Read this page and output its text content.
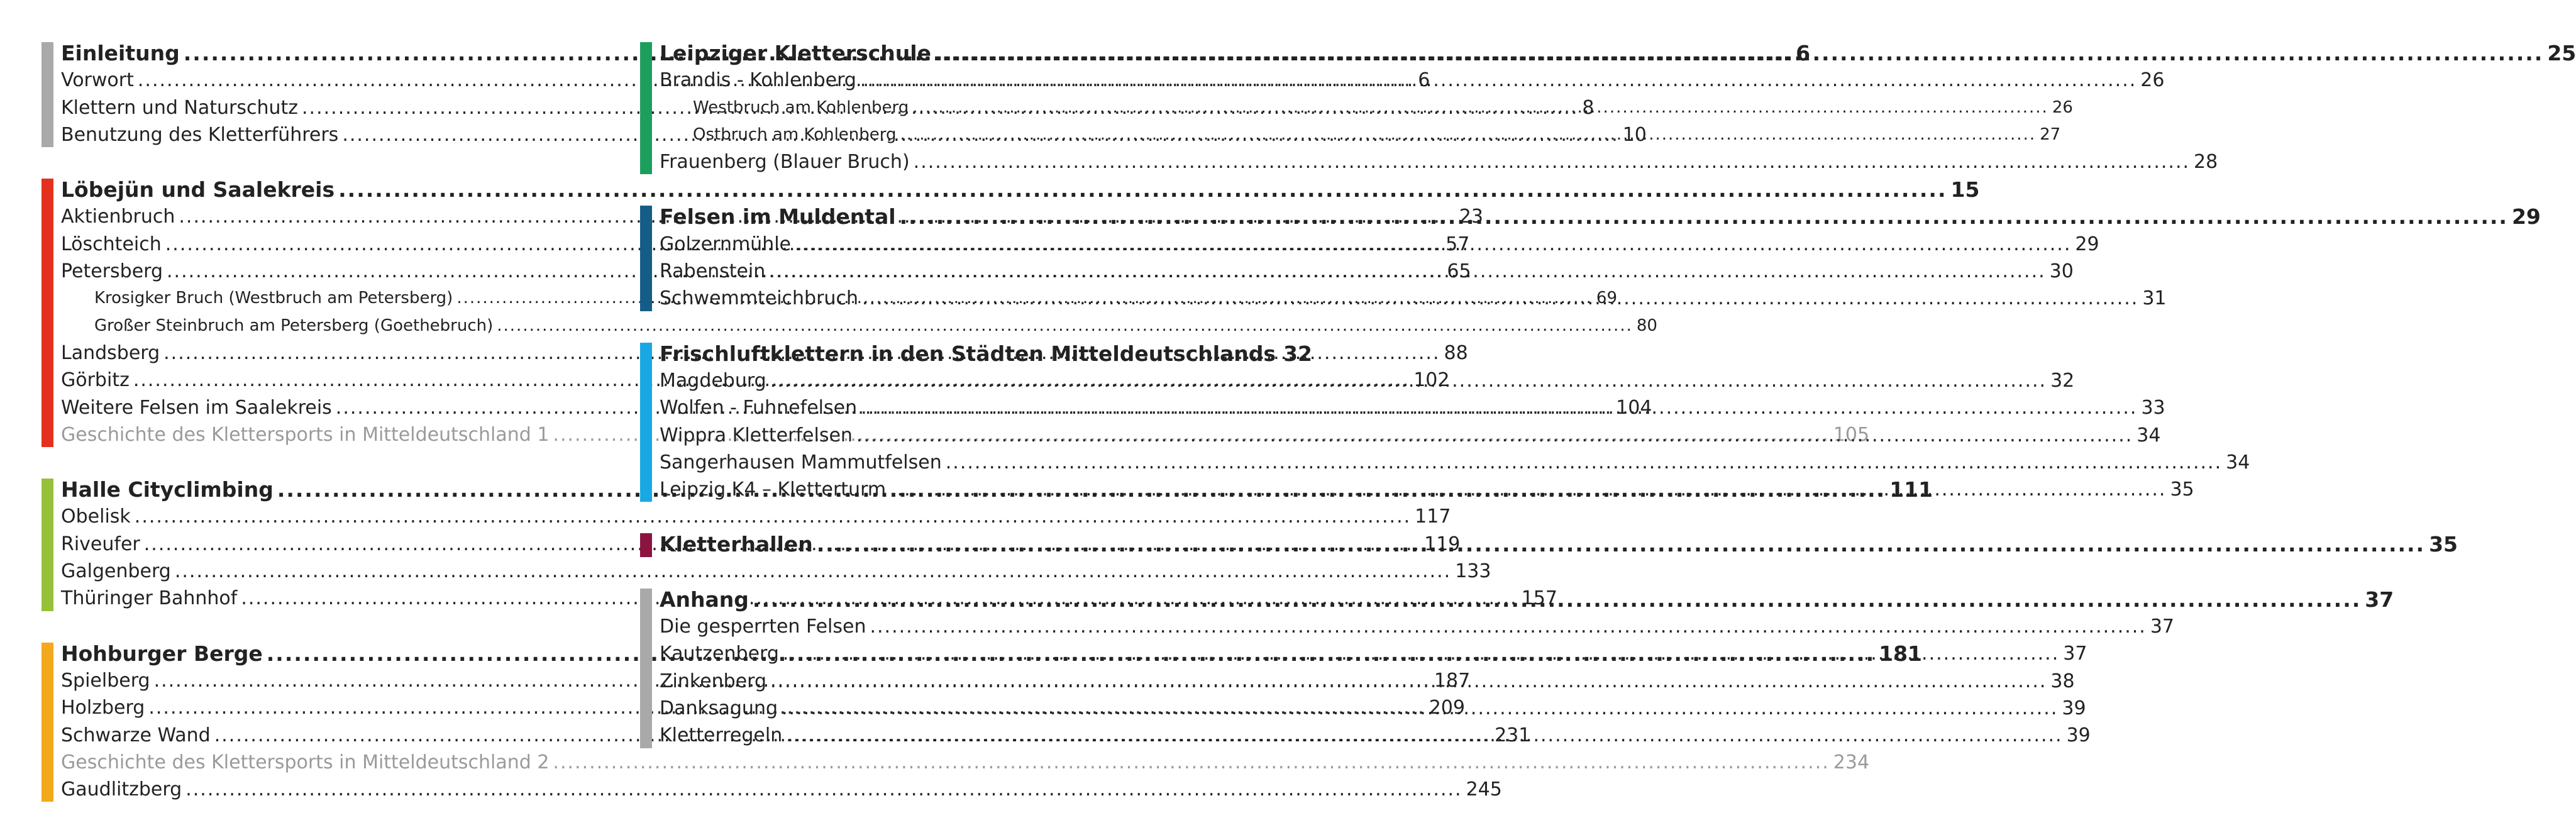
Einleitung .....	6
Vorwort .....	6
Klettern und Naturschutz .....	8
Benutzung des Kletterführers .....	10
Löbejün und Saalekreis .....	15
Aktienbruch .....	23
Löschteich .....	57
Petersberg .....	65
Krosigker Bruch (Westbruch am Petersberg) .....	69
Großer Steinbruch am Petersberg (Goethebruch) .....	80
Landsberg .....	88
Görbitz .....	102
Weitere Felsen im Saalekreis .....	104
Geschichte des Klettersports in Mitteldeutschland 1 .....	105
Halle Cityclimbing .....	111
Obelisk .....	117
Riveufer .....	119
Galgenberg .....	133
Thüringer Bahnhof .....	157
Hohburger Berge .....	181
Spielberg .....	187
Holzberg .....	209
Schwarze Wand .....	231
Geschichte des Klettersports in Mitteldeutschland 2 .....	234
Gaudlitzberg .....	245
Leipziger Kletterschule .....	25
Brandis - Kohlenberg .....	26
Westbruch am Kohlenberg .....	26
Ostbruch am Kohlenberg .....	27
Frauenberg (Blauer Bruch) .....	28
Felsen im Muldental .....	29
Golzernmühle .....	29
Rabenstein .....	30
Schwemmteichbruch .....	31
Frischluftklettern in den Städten Mitteldeutschlands 32
Magdeburg .....	32
Wolfen - Fuhnefelsen .....	33
Wippra Kletterfelsen .....	34
Sangerhausen Mammutfelsen .....	34
Leipzig K4 – Kletterturm .....	35
Kletterhallen .....	35
Anhang .....	37
Die gesperrten Felsen .....	37
Kautzenberg .....	37
Zinkenberg .....	38
Danksagung .....	39
Kletterregeln .....	39
